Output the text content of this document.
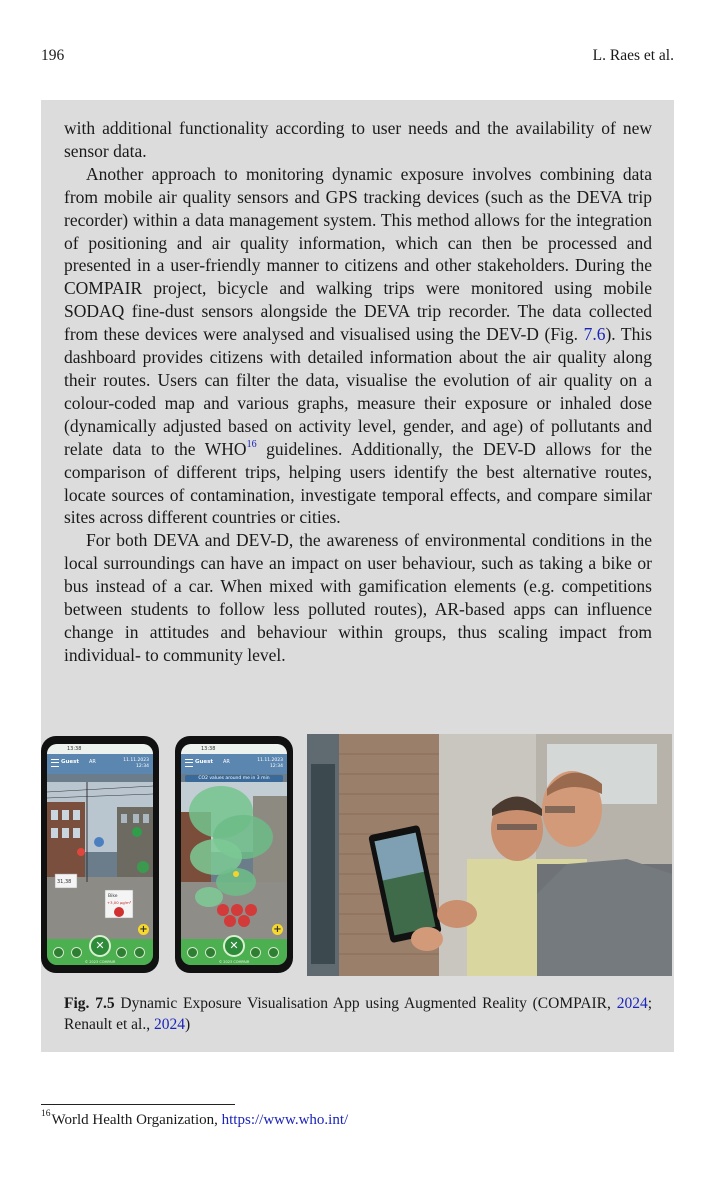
196	L. Raes et al.

with additional functionality according to user needs and the availability of new sensor data.

Another approach to monitoring dynamic exposure involves combining data from mobile air quality sensors and GPS tracking devices (such as the DEVA trip recorder) within a data management system. This method allows for the integration of positioning and air quality information, which can then be processed and presented in a user-friendly manner to citizens and other stakeholders. During the COMPAIR project, bicycle and walking trips were monitored using mobile SODAQ fine-dust sensors alongside the DEVA trip recorder. The data collected from these devices were analysed and visualised using the DEV-D (Fig. 7.6). This dashboard provides citizens with detailed information about the air quality along their routes. Users can filter the data, visualise the evolution of air quality on a colour-coded map and various graphs, measure their exposure or inhaled dose (dynamically adjusted based on activity level, gender, and age) of pollutants and relate data to the WHO$^{16}$ guidelines. Additionally, the DEV-D allows for the comparison of different trips, helping users identify the best alternative routes, locate sources of contamination, investigate temporal effects, and compare similar sites across different countries or cities.

For both DEVA and DEV-D, the awareness of environmental conditions in the local surroundings can have an impact on user behaviour, such as taking a bike or bus instead of a car. When mixed with gamification elements (e.g. competitions between students to follow less polluted routes), AR-based apps can influence change in attitudes and behaviour within groups, thus scaling impact from individual- to community level.

13:38
Guest AR	11.11.2023
12:34
31,38
Bike
+3,00 µg/m³
+
✕
© 2023 COMPAIR
13:38
Guest AR	11.11.2023
12:34
CO2 values around me in 3 min
+
✕
© 2023 COMPAIR
Fig. 7.5 Dynamic Exposure Visualisation App using Augmented Reality (COMPAIR, 2024; Renault et al., 2024)
$^{16}$World Health Organization, https://www.who.int/
